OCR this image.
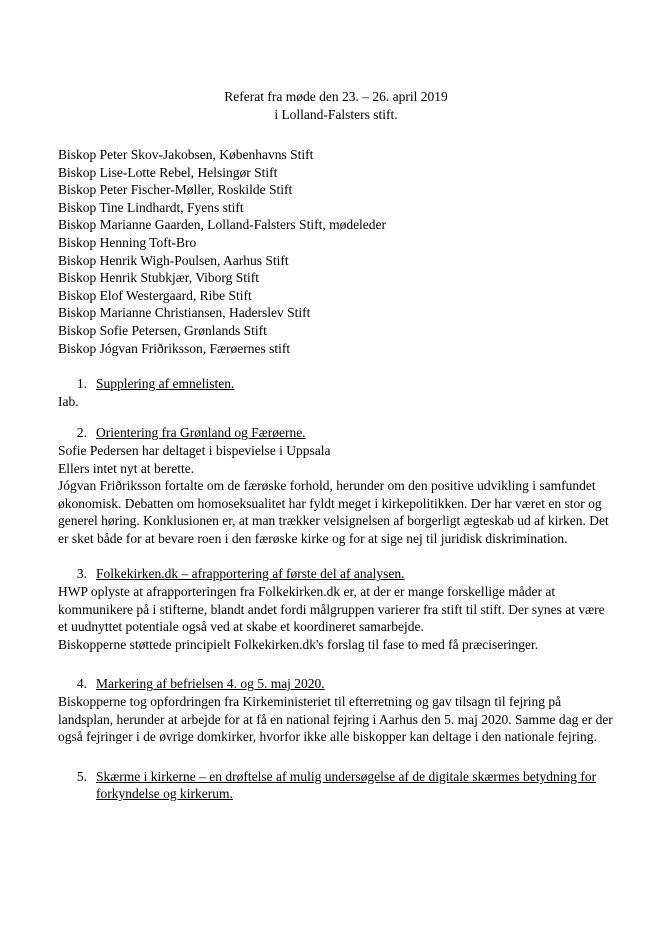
Referat fra møde den 23. – 26. april 2019
i Lolland-Falsters stift.
Biskop Peter Skov-Jakobsen, Københavns Stift
Biskop Lise-Lotte Rebel, Helsingør Stift
Biskop Peter Fischer-Møller, Roskilde Stift
Biskop Tine Lindhardt, Fyens stift
Biskop Marianne Gaarden, Lolland-Falsters Stift, mødeleder
Biskop Henning Toft-Bro
Biskop Henrik Wigh-Poulsen, Aarhus Stift
Biskop Henrik Stubkjær, Viborg Stift
Biskop Elof Westergaard, Ribe Stift
Biskop Marianne Christiansen, Haderslev Stift
Biskop Sofie Petersen, Grønlands Stift
Biskop Jógvan Friðriksson, Færøernes stift
1. Supplering af emnelisten.

Iab.

2. Orientering fra Grønland og Færøerne.

Sofie Pedersen har deltaget i bispevielse i Uppsala

Ellers intet nyt at berette.

Jógvan Friðriksson fortalte om de færøske forhold, herunder om den positive udvikling i samfundet økonomisk. Debatten om homoseksualitet har fyldt meget i kirkepolitikken. Der har været en stor og generel høring. Konklusionen er, at man trækker velsignelsen af borgerligt ægteskab ud af kirken. Det er sket både for at bevare roen i den færøske kirke og for at sige nej til juridisk diskrimination.

3. Folkekirken.dk – afrapportering af første del af analysen.

HWP oplyste at afrapporteringen fra Folkekirken.dk er, at der er mange forskellige måder at kommunikere på i stifterne, blandt andet fordi målgruppen varierer fra stift til stift. Der synes at være et uudnyttet potentiale også ved at skabe et koordineret samarbejde.

Biskopperne støttede principielt Folkekirken.dk's forslag til fase to med få præciseringer.

4. Markering af befrielsen 4. og 5. maj 2020.

Biskopperne tog opfordringen fra Kirkeministeriet til efterretning og gav tilsagn til fejring på landsplan, herunder at arbejde for at få en national fejring i Aarhus den 5. maj 2020. Samme dag er der også fejringer i de øvrige domkirker, hvorfor ikke alle biskopper kan deltage i den nationale fejring.

5. Skærme i kirkerne – en drøftelse af mulig undersøgelse af de digitale skærmes betydning for forkyndelse og kirkerum.
